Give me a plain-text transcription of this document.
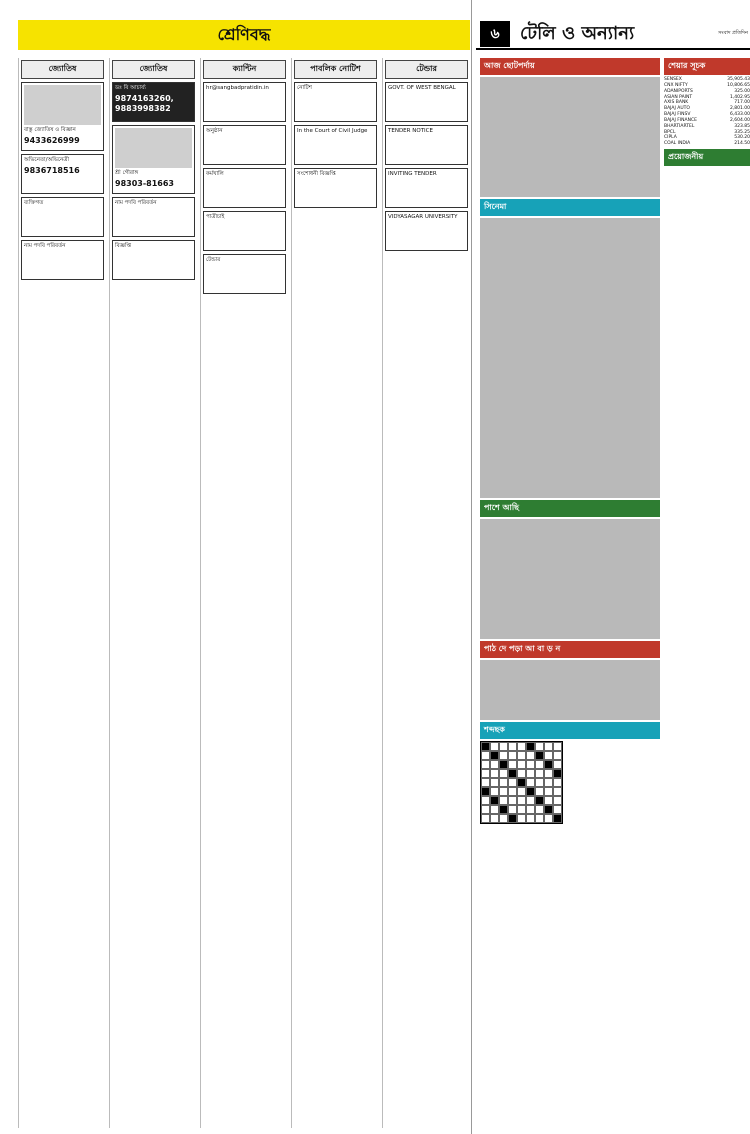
শ্রেণিবদ্ধ
জ্যোতিষ

বাস্তু জ্যোতিষ ও বিজ্ঞান

9433626999

অভিনেতা/অভিনেত্রী

9836718516

ব্যক্তিগত

নাম পদবি পরিবর্তন

জ্যোতিষ

ডঃ বি আচার্য্য

9874163260, 9883998382

শ্রী গৌরাঙ্গ

98303-81663

নাম পদবি পরিবর্তন

বিজ্ঞপ্তি

ক্যান্টিন

hr@sangbadpratidin.in

অনুষ্ঠান

কর্মখালি

পাত্রীচাই

টেন্ডার

পাবলিক নোটিশ

নোটিশ

In the Court of Civil Judge

সংশোধনী বিজ্ঞপ্তি

টেন্ডার

GOVT. OF WEST BENGAL

TENDER NOTICE

INVITING TENDER

VIDYASAGAR UNIVERSITY

৬	টেলি ও অন্যান্য	সংবাদ প্রতিদিন
আজ ছোটপর্দায়
সিনেমা
পাশে আছি
পাঠ দে পড়া আ বা ড় ন
শব্দছক
শেয়ার সূচক
SENSEX	35,905.43
CNX NIFTY	10,806.65
ADANIPORTS	325.00
ASIAN PAINT	1,402.95
AXIS BANK	717.00
BAJAJ AUTO	2,801.00
BAJAJ FINSV	6,433.00
BAJAJ FINANCE	2,604.00
BHARTIARTEL	323.85
BPCL	335.25
CIPLA	530.20
COAL INDIA	214.50
প্রয়োজনীয়
